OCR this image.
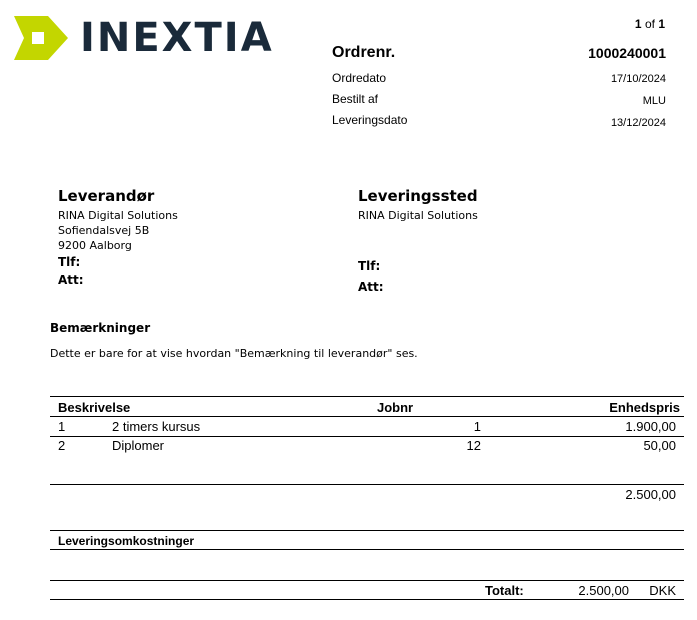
INEXTIA	1 of 1
Ordrenr.	1000240001
Ordredato	17/10/2024
Bestilt af	MLU
Leveringsdato	13/12/2024
Leverandør
RINA Digital Solutions
Sofiendalsvej 5B
9200 Aalborg
Tlf:
Att:
Leveringssted
RINA Digital Solutions
Tlf:
Att:
Bemærkninger
Dette er bare for at vise hvordan "Bemærkning til leverandør" ses.
Beskrivelse	Jobnr	Enhedspris
1	2 timers kursus	1	1.900,00
2	Diplomer	12	50,00
2.500,00
Leveringsomkostninger
Totalt:	2.500,00 DKK
